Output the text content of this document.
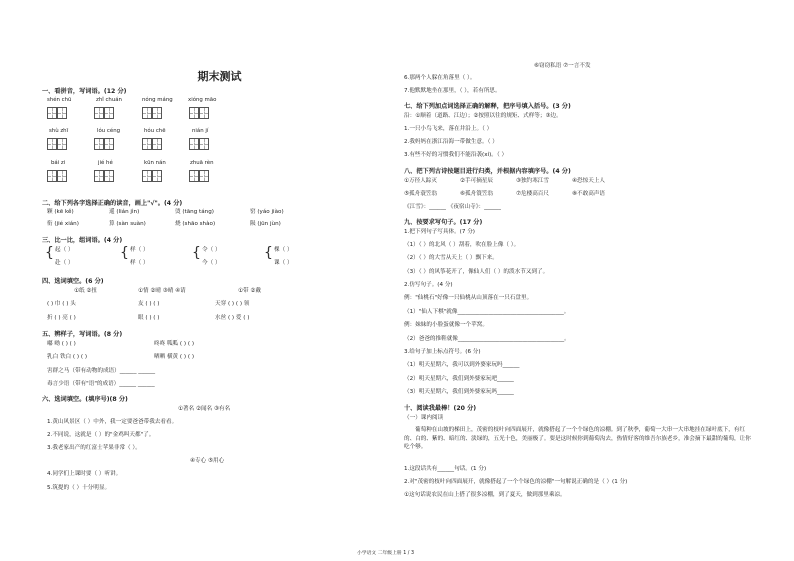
期末测试
一、看拼音，写词语。(12 分)
shén chū	zhǐ chuán	nóng máng	xióng māo
shù zhī	lóu céng	hóu chē	nián jí
bái zi	jié hé	kūn nán	zhuā rèn
二、给下列各字选择正确的读音，画上"√"。(4 分)
颗 (kē kě)	遥 (lián jìn)	烫 (tāng táng)	窑 (yáo jiào)
衔 (jié xián)	算 (sàn suàn)	烧 (shāo shào)	陨 (jūn jùn)
三、比一比，组词语。(4 分)
{ 起（ ）
赴（ ）
{ 样（ ）
样（ ）
{ 令（ ）
今（ ）
{ 棵（ ）
课（ ）
四、选词填空。(6 分)
①纸 ②扭	①情 ②晴 ③晴 ④请	①带 ②戴
( ) 巾 ( ) 头	友 ( ) ( )	天穿 ( ) ( ) 领
折 ( ) 亮 ( )	眼 ( ) ( )	水丝 ( ) 爱 ( )
五、辨样子，写词语。(8 分)
嘟 呦 ( ) ( )	咚咚 呱呱 ( ) ( )
乳白 铁白 ( ) ( )	晒晒 横黄 ( ) ( )
害群之马（带有动物的成语）______ ______
毒言少语（带有"语"的成语）______ ______
六、选词填空。(填序号)(8 分)
①著名 ②闻名 ③有名
1.黄山风景区（ ）中外，我一定要爸爸带我去看看。
2.不同说，这就是（ ）的"金鸡叫天都"了。
3.我老家出产的红富士苹果非常（ ）。
④专心 ⑤用心
4.同学们上课时要（ ）听讲。
5.筑提的（ ）十分明显。
⑥窃窃私语 ⑦一言不发
6.那两个人躲在角落里（ ）。
7.他默默地坐在那里，（ ），若有所思。
七、给下列加点词选择正确的解释，把序号填入括号。(3 分)
沿：①顺着（道路、江边）；②按照以往的规矩、式样等；③边。
1.一只小鸟飞来，落在井沿上。（ ）
2.我妈妈在浙江沿海一带做生意。（ ）
3.有些不好的习惯我们不能沿袭(xí)。（ ）
八、把下列古诗按题目进行归类，并根据内容填序号。(4 分)
①万径人踪灭	②手可摘星辰	③独钓寒江雪	④恐惊天上人
⑤孤舟蓑笠翁	⑥孤舟簑笠翁	⑦危楼高百尺	⑧不敢高声语
《江雪》：______ 《夜宿山寺》：______
九、按要求写句子。(17 分)
1.把下列句子写具体。(7 分)
（1）（ ）的北风（ ）刮着，吹在脸上像（ ）。
（2）（ ）的大雪从天上（ ）飘下来。
（3）（ ）的风筝花开了，像仙人们（ ）的泼水节又到了。
2.仿写句子。(4 分)
例："仙桃石"好像一只仙桃从山顶落在一只石盘里。
（1）"仙人下棋"就像______________________________________。
例：妹妹的小脸蛋就像一个苹窝。
（2）爸爸的推鞋就像______________________________________。
3.给句子加上标点符号。(6 分)
（1）明天星期六，我可以到外婆家玩吗______
（2）明天星期六，我们到外婆家玩吧______
（3）明天星期六，我们到外婆家玩吗______
十、阅读我最棒！(20 分)
（一）课内阅读
葡萄种在山坡的梯田上，茂密的枝叶向四面展开，就像搭起了一个个绿色的凉棚。到了秋季，葡萄一大串一大串地挂在绿叶底下，有红的、白的、紫的、暗红的、淡绿的，五光十色，美丽极了。要是这时候你到葡萄沟去，热情好客的维吾尔族老乡，准会摘下最甜的葡萄，让你吃个够。
1.这段话共有______句话。(1 分)
2.对"茂密的枝叶向四面展开，就像搭起了一个个绿色的凉棚"一句解说正确的是（ ）(1 分)
①这句话说农民在山上搭了很多凉棚，到了夏天，做到那里乘凉。
小学语文 二年级上册 1 / 3
